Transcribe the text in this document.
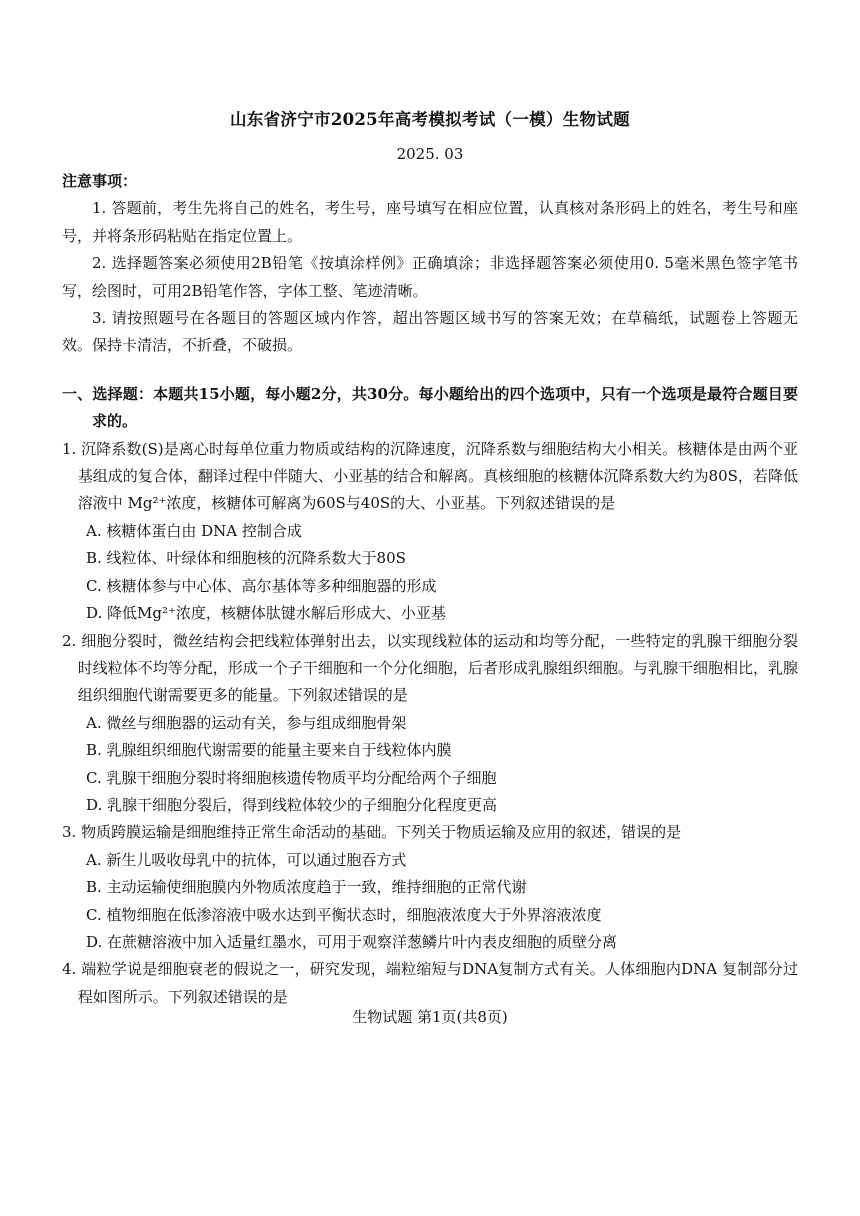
山东省济宁市2025年高考模拟考试（一模）生物试题
2025. 03

注意事项：

1. 答题前，考生先将自己的姓名，考生号，座号填写在相应位置，认真核对条形码上的姓名，考生号和座号，并将条形码粘贴在指定位置上。

2. 选择题答案必须使用2B铅笔《按填涂样例》正确填涂；非选择题答案必须使用0. 5毫米黑色签字笔书写，绘图时，可用2B铅笔作答，字体工整、笔迹清晰。

3. 请按照题号在各题目的答题区域内作答，超出答题区域书写的答案无效；在草稿纸，试题卷上答题无效。保持卡清洁，不折叠，不破损。

一、选择题：本题共15小题，每小题2分，共30分。每小题给出的四个选项中，只有一个选项是最符合题目要求的。

1. 沉降系数(S)是离心时每单位重力物质或结构的沉降速度，沉降系数与细胞结构大小相关。核糖体是由两个亚基组成的复合体，翻译过程中伴随大、小亚基的结合和解离。真核细胞的核糖体沉降系数大约为80S，若降低溶液中 Mg²⁺浓度，核糖体可解离为60S与40S的大、小亚基。下列叙述错误的是

A. 核糖体蛋白由 DNA 控制合成

B. 线粒体、叶绿体和细胞核的沉降系数大于80S

C. 核糖体参与中心体、高尔基体等多种细胞器的形成

D. 降低Mg²⁺浓度，核糖体肽键水解后形成大、小亚基

2. 细胞分裂时，微丝结构会把线粒体弹射出去，以实现线粒体的运动和均等分配，一些特定的乳腺干细胞分裂时线粒体不均等分配，形成一个子干细胞和一个分化细胞，后者形成乳腺组织细胞。与乳腺干细胞相比，乳腺组织细胞代谢需要更多的能量。下列叙述错误的是

A. 微丝与细胞器的运动有关，参与组成细胞骨架

B. 乳腺组织细胞代谢需要的能量主要来自于线粒体内膜

C. 乳腺干细胞分裂时将细胞核遗传物质平均分配给两个子细胞

D. 乳腺干细胞分裂后，得到线粒体较少的子细胞分化程度更高

3. 物质跨膜运输是细胞维持正常生命活动的基础。下列关于物质运输及应用的叙述，错误的是

A. 新生儿吸收母乳中的抗体，可以通过胞吞方式

B. 主动运输使细胞膜内外物质浓度趋于一致，维持细胞的正常代谢

C. 植物细胞在低渗溶液中吸水达到平衡状态时，细胞液浓度大于外界溶液浓度

D. 在蔗糖溶液中加入适量红墨水，可用于观察洋葱鳞片叶内表皮细胞的质壁分离

4. 端粒学说是细胞衰老的假说之一，研究发现，端粒缩短与DNA复制方式有关。人体细胞内DNA 复制部分过程如图所示。下列叙述错误的是

生物试题 第1页(共8页)
